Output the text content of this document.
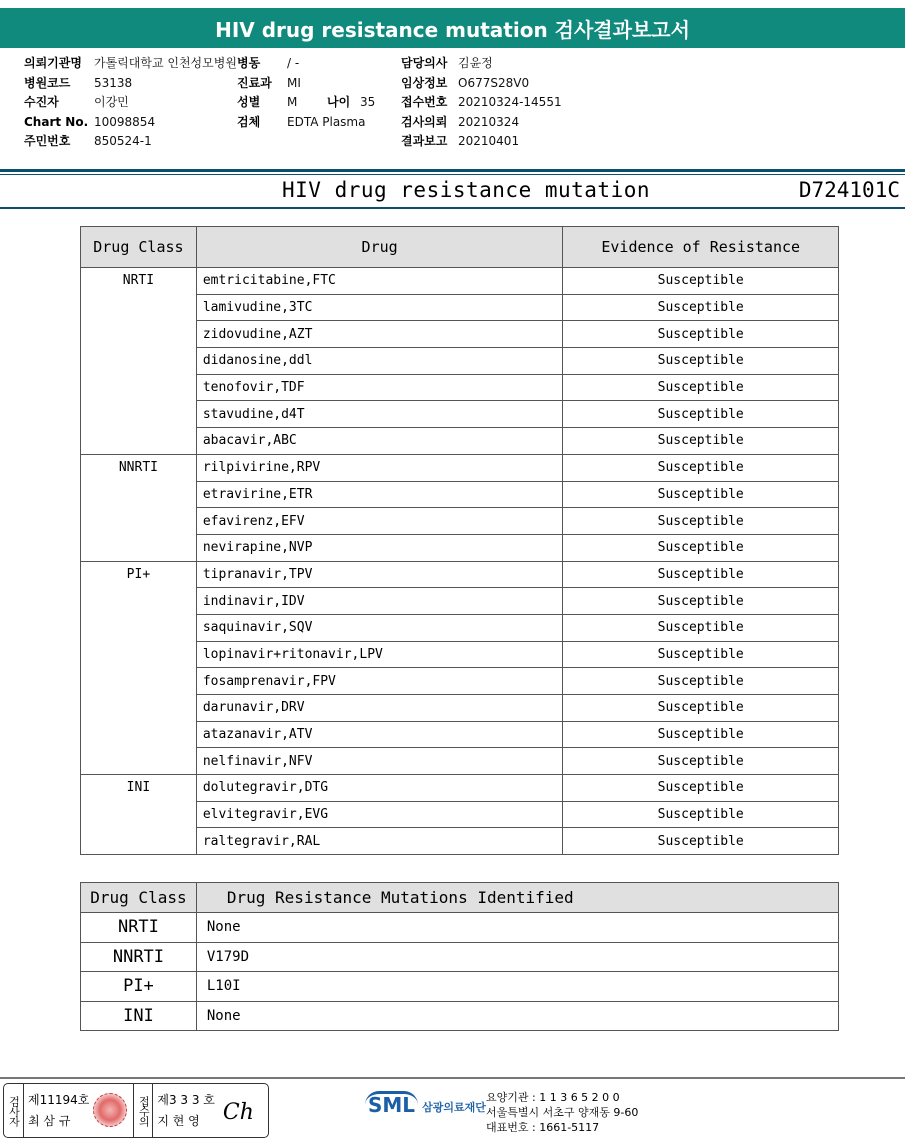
HIV drug resistance mutation 검사결과보고서
의뢰기관명	가톨릭대학교 인천성모병원
병원코드	53138
수진자	이강민
Chart No. 10098854
주민번호	850524-1
병동	/ -
진료과	MI
성별	M	나이 35
검체	EDTA Plasma
담당의사 김윤정
임상정보 O677S28V0
접수번호 20210324-14551
검사의뢰 20210324
결과보고 20210401
HIV drug resistance mutation	D724101C
Drug Class	Drug	Evidence of Resistance
NRTI	emtricitabine,FTC	Susceptible
	lamivudine,3TC	Susceptible
	zidovudine,AZT	Susceptible
	didanosine,ddl	Susceptible
	tenofovir,TDF	Susceptible
	stavudine,d4T	Susceptible
	abacavir,ABC	Susceptible
NNRTI	rilpivirine,RPV	Susceptible
	etravirine,ETR	Susceptible
	efavirenz,EFV	Susceptible
	nevirapine,NVP	Susceptible
PI+	tipranavir,TPV	Susceptible
	indinavir,IDV	Susceptible
	saquinavir,SQV	Susceptible
	lopinavir+ritonavir,LPV	Susceptible
	fosamprenavir,FPV	Susceptible
	darunavir,DRV	Susceptible
	atazanavir,ATV	Susceptible
	nelfinavir,NFV	Susceptible
INI	dolutegravir,DTG	Susceptible
	elvitegravir,EVG	Susceptible
	raltegravir,RAL	Susceptible
Drug Class	Drug Resistance Mutations Identified
NRTI	None
NNRTI	V179D
PI+	L10I
INI	None
검사자 제11194호
최 삼 규	접수의 제3 3 3 호
지 현 영	Ch	SML 삼광의료재단
요양기관 : 1 1 3 6 5 2 0 0
서울특별시 서초구 양재동 9-60
대표번호 : 1661-5117
